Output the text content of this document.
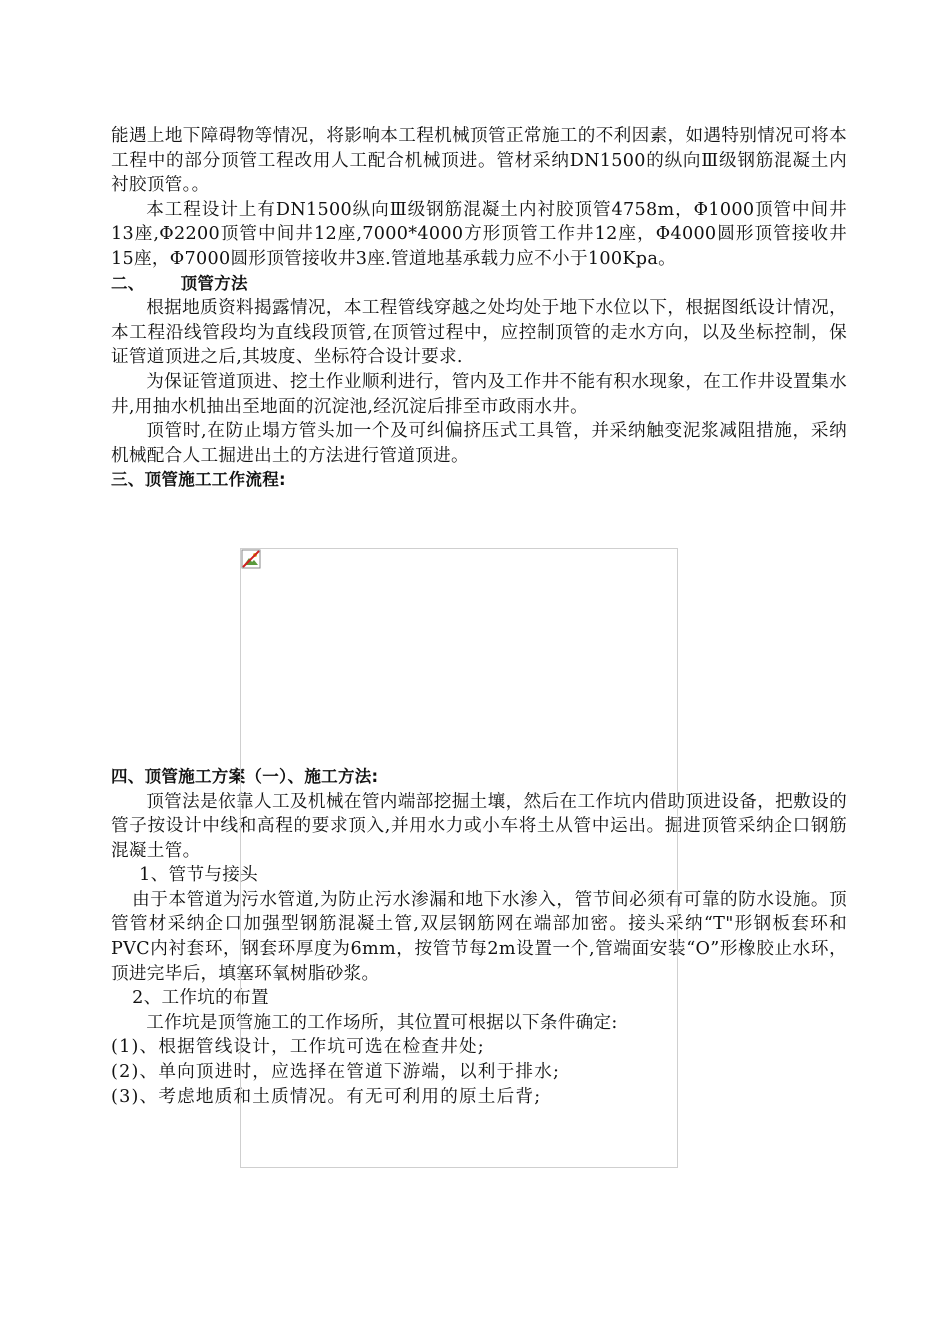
能遇上地下障碍物等情况，将影响本工程机械顶管正常施工的不利因素，如遇特别情况可将本工程中的部分顶管工程改用人工配合机械顶进。管材采纳DN1500的纵向Ⅲ级钢筋混凝土内衬胶顶管。。

本工程设计上有DN1500纵向Ⅲ级钢筋混凝土内衬胶顶管4758m，Φ1000顶管中间井13座,Φ2200顶管中间井12座,7000*4000方形顶管工作井12座，Φ4000圆形顶管接收井15座，Φ7000圆形顶管接收井3座.管道地基承载力应不小于100Kpa。

二、 顶管方法

根据地质资料揭露情况，本工程管线穿越之处均处于地下水位以下，根据图纸设计情况，本工程沿线管段均为直线段顶管,在顶管过程中，应控制顶管的走水方向，以及坐标控制，保证管道顶进之后,其坡度、坐标符合设计要求.

为保证管道顶进、挖土作业顺利进行，管内及工作井不能有积水现象，在工作井设置集水井,用抽水机抽出至地面的沉淀池,经沉淀后排至市政雨水井。

顶管时,在防止塌方管头加一个及可纠偏挤压式工具管，并采纳触变泥浆减阻措施，采纳机械配合人工掘进出土的方法进行管道顶进。

三、顶管施工工作流程:

四、顶管施工方案（一）、施工方法:

顶管法是依靠人工及机械在管内端部挖掘土壤，然后在工作坑内借助顶进设备，把敷设的管子按设计中线和高程的要求顶入,并用水力或小车将土从管中运出。掘进顶管采纳企口钢筋混凝土管。

1、管节与接头

由于本管道为污水管道,为防止污水渗漏和地下水渗入，管节间必须有可靠的防水设施。顶管管材采纳企口加强型钢筋混凝土管,双层钢筋网在端部加密。接头采纳“T"形钢板套环和PVC内衬套环，钢套环厚度为6mm，按管节每2m设置一个,管端面安装“O”形橡胶止水环，顶进完毕后，填塞环氧树脂砂浆。

2、工作坑的布置

工作坑是顶管施工的工作场所，其位置可根据以下条件确定:

(1)、根据管线设计，工作坑可选在检查井处;

(2)、单向顶进时，应选择在管道下游端，以利于排水;

(3)、考虑地质和土质情况。有无可利用的原土后背;
